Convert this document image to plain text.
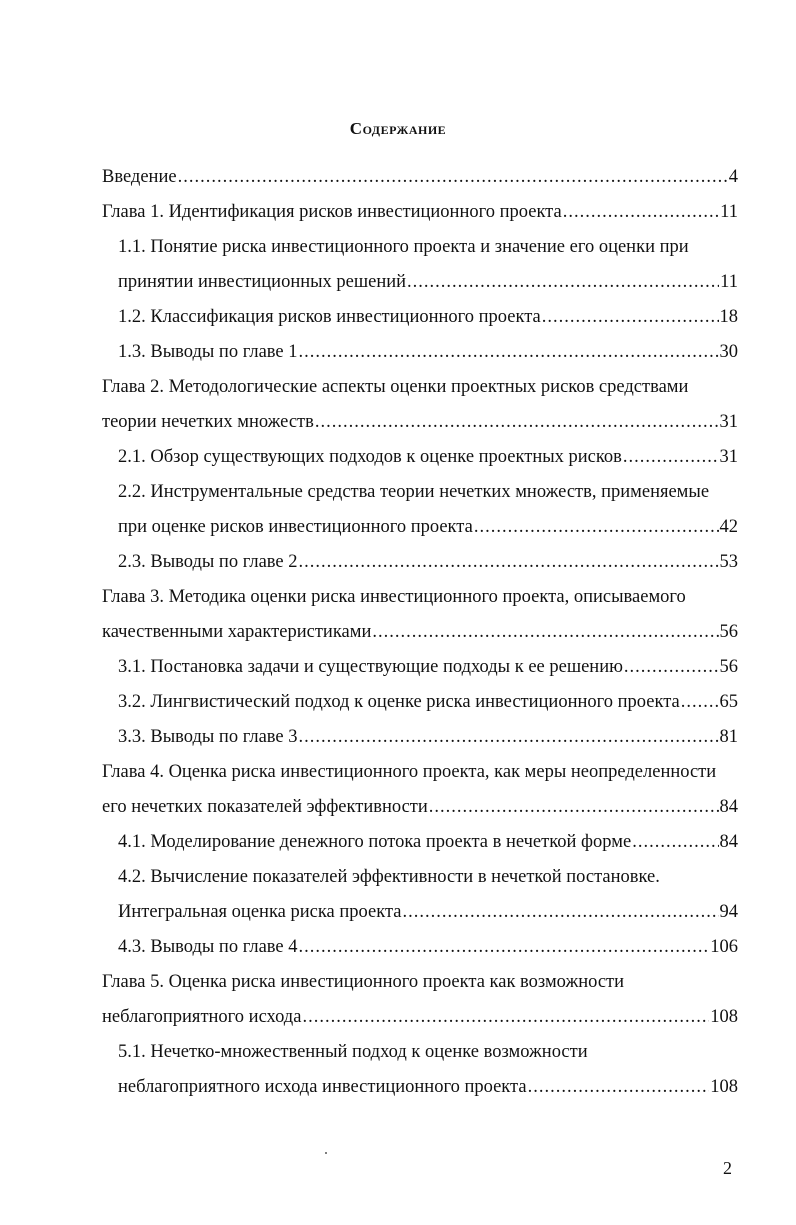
Содержание
Введение .....	4
Глава 1. Идентификация рисков инвестиционного проекта .....	11
1.1. Понятие риска инвестиционного проекта и значение его оценки при
принятии инвестиционных решений .....	11
1.2. Классификация рисков инвестиционного проекта .....	18
1.3. Выводы по главе 1 .....	30
Глава 2. Методологические аспекты оценки проектных рисков средствами
теории нечетких множеств .....	31
2.1. Обзор существующих подходов к оценке проектных рисков .....	31
2.2. Инструментальные средства теории нечетких множеств, применяемые
при оценке рисков инвестиционного проекта .....	42
2.3. Выводы по главе 2 .....	53
Глава 3. Методика оценки риска инвестиционного проекта, описываемого
качественными характеристиками .....	56
3.1. Постановка задачи и существующие подходы к ее решению .....	56
3.2. Лингвистический подход к оценке риска инвестиционного проекта ..... 65
3.3. Выводы по главе 3 .....	81
Глава 4. Оценка риска инвестиционного проекта, как меры неопределенности
его нечетких показателей эффективности .....	84
4.1. Моделирование денежного потока проекта в нечеткой форме .....	84
4.2. Вычисление показателей эффективности в нечеткой постановке.
Интегральная оценка риска проекта .....	94
4.3. Выводы по главе 4 .....	106
Глава 5. Оценка риска инвестиционного проекта как возможности
неблагоприятного исхода .....	108
5.1. Нечетко-множественный подход к оценке возможности
неблагоприятного исхода инвестиционного проекта .....	108
2
